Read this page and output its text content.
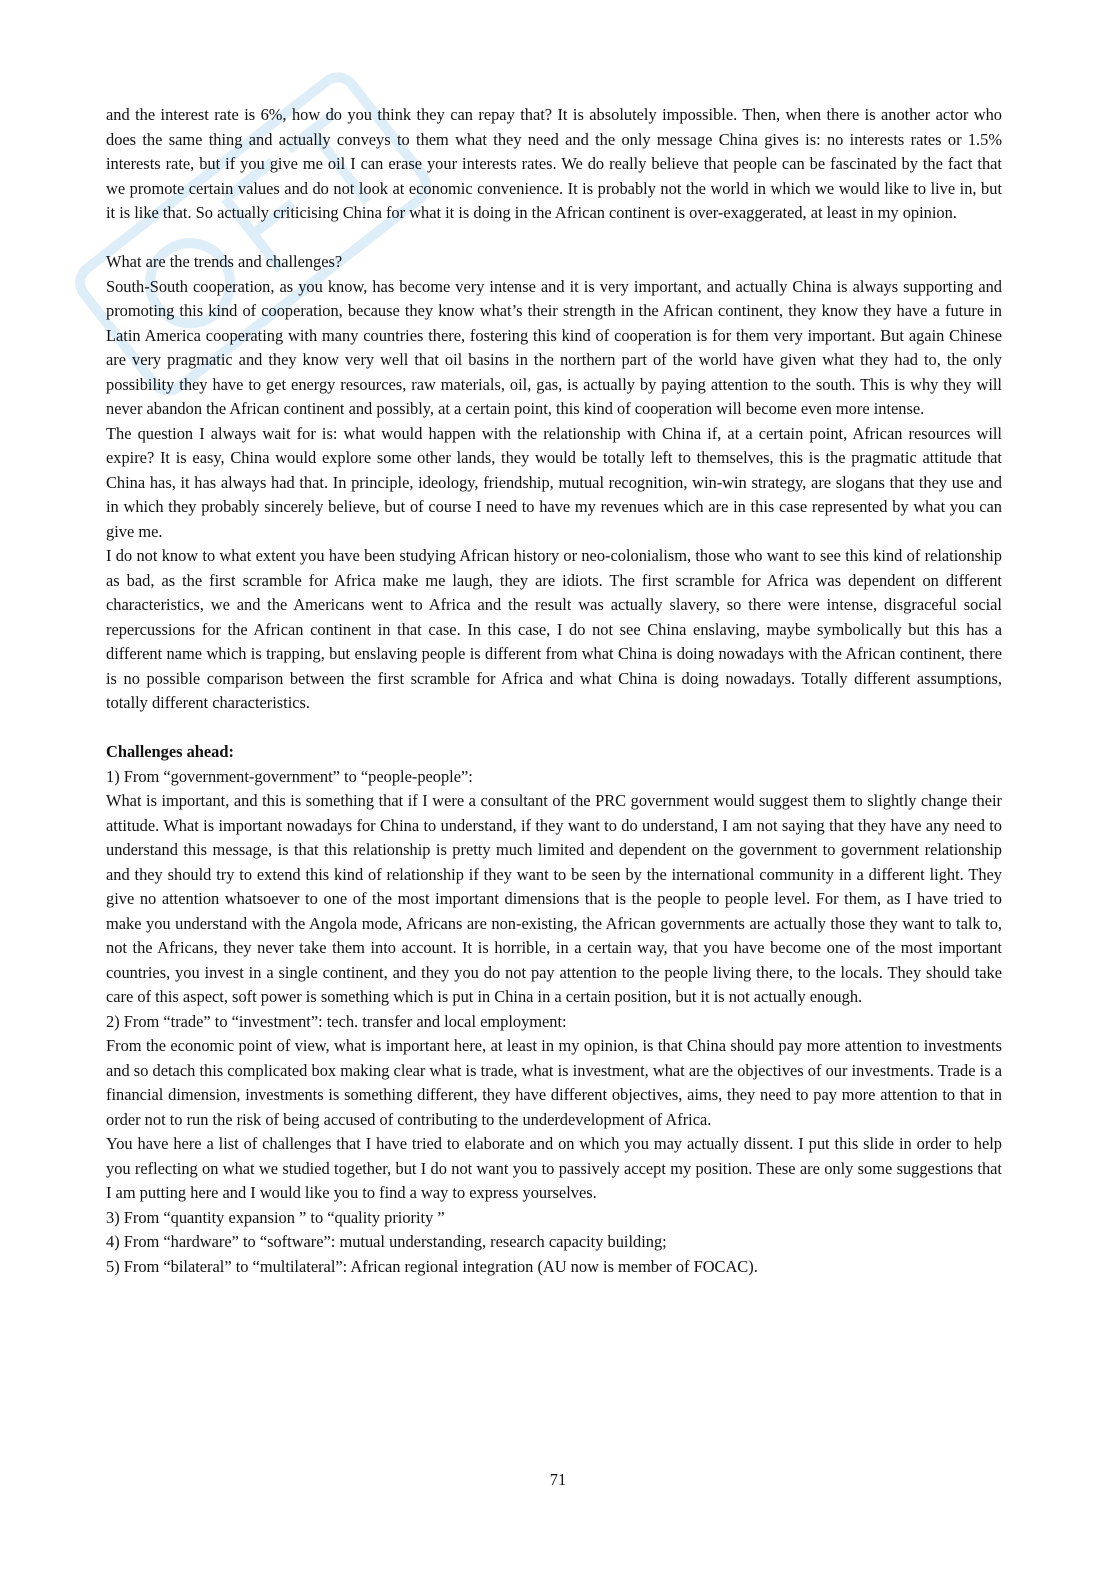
and the interest rate is 6%, how do you think they can repay that? It is absolutely impossible. Then, when there is another actor who does the same thing and actually conveys to them what they need and the only message China gives is: no interests rates or 1.5% interests rate, but if you give me oil I can erase your interests rates. We do really believe that people can be fascinated by the fact that we promote certain values and do not look at economic convenience. It is probably not the world in which we would like to live in, but it is like that. So actually criticising China for what it is doing in the African continent is over-exaggerated, at least in my opinion.

What are the trends and challenges?

South-South cooperation, as you know, has become very intense and it is very important, and actually China is always supporting and promoting this kind of cooperation, because they know what’s their strength in the African continent, they know they have a future in Latin America cooperating with many countries there, fostering this kind of cooperation is for them very important. But again Chinese are very pragmatic and they know very well that oil basins in the northern part of the world have given what they had to, the only possibility they have to get energy resources, raw materials, oil, gas, is actually by paying attention to the south. This is why they will never abandon the African continent and possibly, at a certain point, this kind of cooperation will become even more intense.

The question I always wait for is: what would happen with the relationship with China if, at a certain point, African resources will expire? It is easy, China would explore some other lands, they would be totally left to themselves, this is the pragmatic attitude that China has, it has always had that. In principle, ideology, friendship, mutual recognition, win-win strategy, are slogans that they use and in which they probably sincerely believe, but of course I need to have my revenues which are in this case represented by what you can give me.

I do not know to what extent you have been studying African history or neo-colonialism, those who want to see this kind of relationship as bad, as the first scramble for Africa make me laugh, they are idiots. The first scramble for Africa was dependent on different characteristics, we and the Americans went to Africa and the result was actually slavery, so there were intense, disgraceful social repercussions for the African continent in that case. In this case, I do not see China enslaving, maybe symbolically but this has a different name which is trapping, but enslaving people is different from what China is doing nowadays with the African continent, there is no possible comparison between the first scramble for Africa and what China is doing nowadays. Totally different assumptions, totally different characteristics.

Challenges ahead:

1) From “government-government” to “people-people”:

What is important, and this is something that if I were a consultant of the PRC government would suggest them to slightly change their attitude. What is important nowadays for China to understand, if they want to do understand, I am not saying that they have any need to understand this message, is that this relationship is pretty much limited and dependent on the government to government relationship and they should try to extend this kind of relationship if they want to be seen by the international community in a different light. They give no attention whatsoever to one of the most important dimensions that is the people to people level. For them, as I have tried to make you understand with the Angola mode, Africans are non-existing, the African governments are actually those they want to talk to, not the Africans, they never take them into account. It is horrible, in a certain way, that you have become one of the most important countries, you invest in a single continent, and they you do not pay attention to the people living there, to the locals. They should take care of this aspect, soft power is something which is put in China in a certain position, but it is not actually enough.

2) From “trade” to “investment”: tech. transfer and local employment:

From the economic point of view, what is important here, at least in my opinion, is that China should pay more attention to investments and so detach this complicated box making clear what is trade, what is investment, what are the objectives of our investments. Trade is a financial dimension, investments is something different, they have different objectives, aims, they need to pay more attention to that in order not to run the risk of being accused of contributing to the underdevelopment of Africa.

You have here a list of challenges that I have tried to elaborate and on which you may actually dissent. I put this slide in order to help you reflecting on what we studied together, but I do not want you to passively accept my position. These are only some suggestions that I am putting here and I would like you to find a way to express yourselves.

3) From “quantity expansion ” to “quality priority ”

4) From “hardware” to “software”: mutual understanding, research capacity building;

5) From “bilateral” to “multilateral”: African regional integration (AU now is member of FOCAC).

71
